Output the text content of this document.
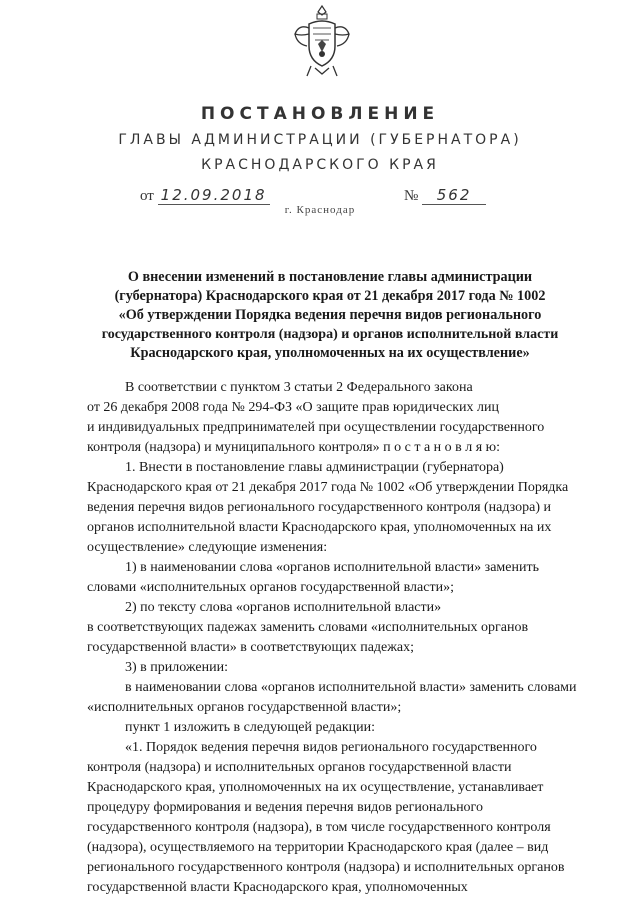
ПОСТАНОВЛЕНИЕ
ГЛАВЫ АДМИНИСТРАЦИИ (ГУБЕРНАТОРА)
КРАСНОДАРСКОГО КРАЯ
от 12.09.2018	№ 562
г. Краснодар
О внесении изменений в постановление главы администрации
(губернатора) Краснодарского края от 21 декабря 2017 года № 1002
«Об утверждении Порядка ведения перечня видов регионального
государственного контроля (надзора) и органов исполнительной власти
Краснодарского края, уполномоченных на их осуществление»
В соответствии с пунктом 3 статьи 2 Федерального закона
от 26 декабря 2008 года № 294-ФЗ «О защите прав юридических лиц
и индивидуальных предпринимателей при осуществлении государственного
контроля (надзора) и муниципального контроля» п о с т а н о в л я ю:
1. Внести в постановление главы администрации (губернатора)
Краснодарского края от 21 декабря 2017 года № 1002 «Об утверждении Порядка
ведения перечня видов регионального государственного контроля (надзора) и
органов исполнительной власти Краснодарского края, уполномоченных на их
осуществление» следующие изменения:
1) в наименовании слова «органов исполнительной власти» заменить
словами «исполнительных органов государственной власти»;
2) по тексту слова «органов исполнительной власти»
в соответствующих падежах заменить словами «исполнительных органов
государственной власти» в соответствующих падежах;
3) в приложении:
в наименовании слова «органов исполнительной власти» заменить словами
«исполнительных органов государственной власти»;
пункт 1 изложить в следующей редакции:
«1. Порядок ведения перечня видов регионального государственного
контроля (надзора) и исполнительных органов государственной власти
Краснодарского края, уполномоченных на их осуществление, устанавливает
процедуру формирования и ведения перечня видов регионального
государственного контроля (надзора), в том числе государственного контроля
(надзора), осуществляемого на территории Краснодарского края (далее – вид
регионального государственного контроля (надзора) и исполнительных органов
государственной власти Краснодарского края, уполномоченных
